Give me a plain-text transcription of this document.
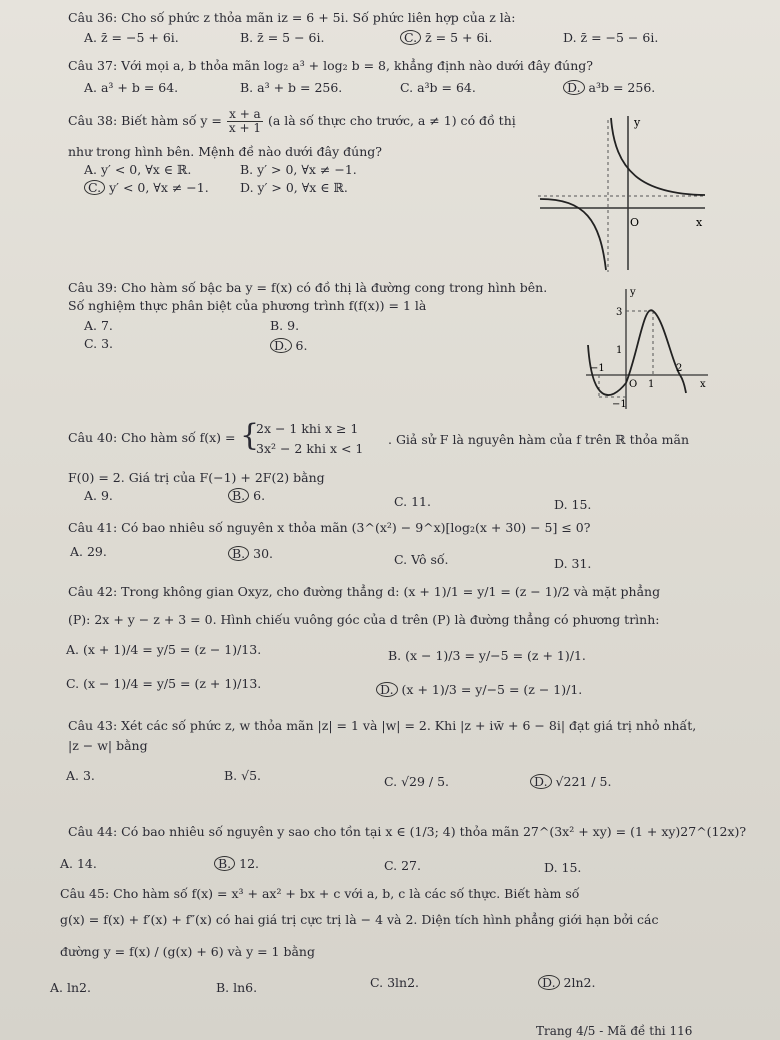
Câu 36: Cho số phức z thỏa mãn iz = 6 + 5i. Số phức liên hợp của z là:
A. z̄ = −5 + 6i.	B. z̄ = 5 − 6i.	C. z̄ = 5 + 6i.	D. z̄ = −5 − 6i.
Câu 37: Với mọi a, b thỏa mãn log₂ a³ + log₂ b = 8, khẳng định nào dưới đây đúng?
A. a³ + b = 64.	B. a³ + b = 256.	C. a³b = 64.	D. a³b = 256.
Câu 38: Biết hàm số $y = \frac{x + a}{x + 1} (a$ là số thực cho trước, a ≠ 1) có đồ thị
như trong hình bên. Mệnh đề nào dưới đây đúng?
A. y′ < 0, ∀x ∈ ℝ.	B. y′ > 0, ∀x ≠ −1.
C. y′ < 0, ∀x ≠ −1.	D. y′ > 0, ∀x ∈ ℝ.
y
O	x
Câu 39: Cho hàm số bậc ba y = f(x) có đồ thị là đường cong trong hình bên.
Số nghiệm thực phân biệt của phương trình f(f(x)) = 1 là
A. 7.	B. 9.
C. 3.	D. 6.
y
3
1
−1
O 1
2
−1
x
Câu 40: Cho hàm số f(x) = {
2x − 1 khi x ≥ 1
3x² − 2 khi x < 1
. Giả sử F là nguyên hàm của f trên ℝ thỏa mãn
F(0) = 2. Giá trị của F(−1) + 2F(2) bằng
A. 9.	B. 6.	C. 11.	D. 15.
Câu 41: Có bao nhiêu số nguyên x thỏa mãn (3^(x²) − 9^x)[log₂(x + 30) − 5] ≤ 0?
A. 29.	B. 30.	C. Vô số.	D. 31.
Câu 42: Trong không gian Oxyz, cho đường thẳng d: (x + 1)/1 = y/1 = (z − 1)/2 và mặt phẳng
(P): 2x + y − z + 3 = 0. Hình chiếu vuông góc của d trên (P) là đường thẳng có phương trình:
A. (x + 1)/4 = y/5 = (z − 1)/13.	B. (x − 1)/3 = y/−5 = (z + 1)/1.
C. (x − 1)/4 = y/5 = (z + 1)/13.	D. (x + 1)/3 = y/−5 = (z − 1)/1.
Câu 43: Xét các số phức z, w thỏa mãn |z| = 1 và |w| = 2. Khi |z + iw̄ + 6 − 8i| đạt giá trị nhỏ nhất,
|z − w| bằng
A. 3.	B. √5.	C. √29 / 5.	D. √221 / 5.
Câu 44: Có bao nhiêu số nguyên y sao cho tồn tại x ∈ (1/3; 4) thỏa mãn 27^(3x² + xy) = (1 + xy)27^(12x)?
A. 14.	B. 12.	C. 27.	D. 15.
Câu 45: Cho hàm số f(x) = x³ + ax² + bx + c với a, b, c là các số thực. Biết hàm số
g(x) = f(x) + f′(x) + f″(x) có hai giá trị cực trị là − 4 và 2. Diện tích hình phẳng giới hạn bởi các
đường y = f(x) / (g(x) + 6) và y = 1 bằng
A. ln2.	B. ln6.	C. 3ln2.	D. 2ln2.
Trang 4/5 - Mã đề thi 116
